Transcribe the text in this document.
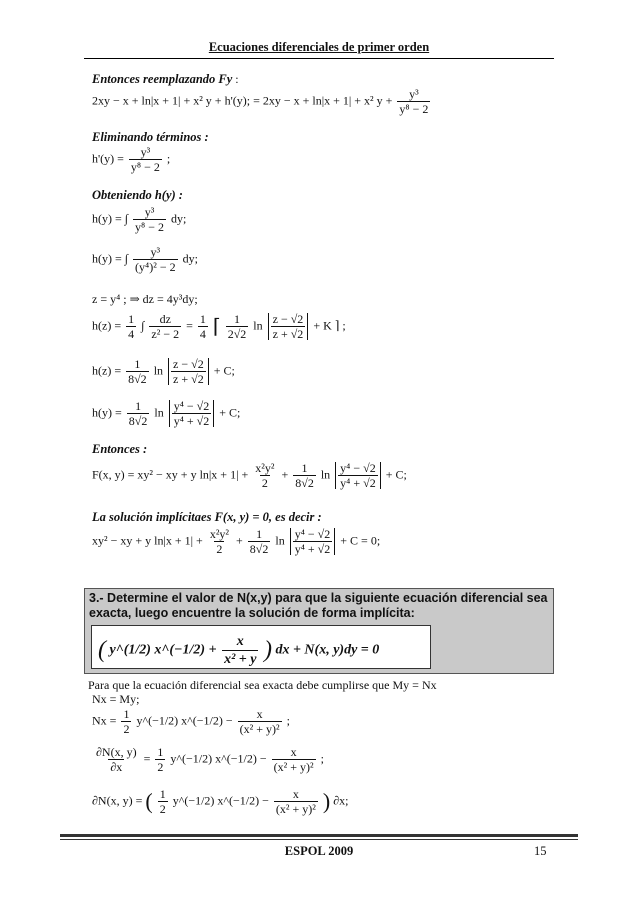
Ecuaciones diferenciales de primer orden
Entonces reemplazando Fy :
2xy − x + ln|x + 1| + x² y + h'(y); = 2xy − x + ln|x + 1| + x² $y + \frac{\text{y³}}{\text{y⁸ − 2}}$
Eliminando términos :
$h'(y) = \frac{\text{y³}}{\text{y⁸ − 2}}$ ;
Obteniendo h(y) :
h(y) = ∫ $\frac{\text{y³}}{\text{y⁸ − 2}}$ dy;
h(y) = ∫ $\frac{\text{y³}}{\text{(y⁴)² − 2}}$ dy;
z = y⁴ ; ⇒ dz = 4y³dy;
$h(z) = \frac{1}{4}$ ∫ $\frac{dz}{\text{z² − 2}} = \frac{1}{4}$ ⌈ $\frac{1}{2√2}$ $\ln \frac{z - √2}{z + √2} + K$ ⌉ ;
$h(z) = \frac{1}{8√2}$ $\ln \frac{z - √2}{z + √2} + C$;
$h(y) = \frac{1}{8√2}$ $\ln \frac{\text{y⁴ − √2}}{\text{y⁴ + √2}} + C$;
Entonces :
F(x, y) = xy² − xy + y $\ln|x + 1| + \frac{\text{x²y²}}{2} + \frac{1}{8√2}$ $\ln \frac{\text{y⁴ − √2}}{\text{y⁴ + √2}} + C$;
La solución implícitaes F(x, y) = 0, es decir :
xy² − xy + y $\ln|x + 1| + \frac{\text{x²y²}}{2} + \frac{1}{8√2}$ $\ln \frac{\text{y⁴ − √2}}{\text{y⁴ + √2}} + C = 0$;
3.- Determine el valor de N(x,y) para que la siguiente ecuación diferencial sea exacta, luego encuentre la solución de forma implícita:
( y^(1/2) x^(−1/2) + $\frac{x}{\text{x² + y}}$ ) dx + N(x, y)dy = 0
Para que la ecuación diferencial sea exacta debe cumplirse que My = Nx
Nx = My;
$Nx = \frac{1}{2}$ y^(−1/2) x^(−1/2) − $\frac{x}{\text{(x² + y)²}}$ ;
$\frac{\partial N(x, y)}{\partial x} = \frac{1}{2}$ y^(−1/2) x^(−1/2) − $\frac{x}{\text{(x² + y)²}}$ ;
∂N(x, y) = ( $\frac{1}{2}$ y^(−1/2) x^(−1/2) − $\frac{x}{\text{(x² + y)²}}$ ) ∂x;
ESPOL 2009	15
